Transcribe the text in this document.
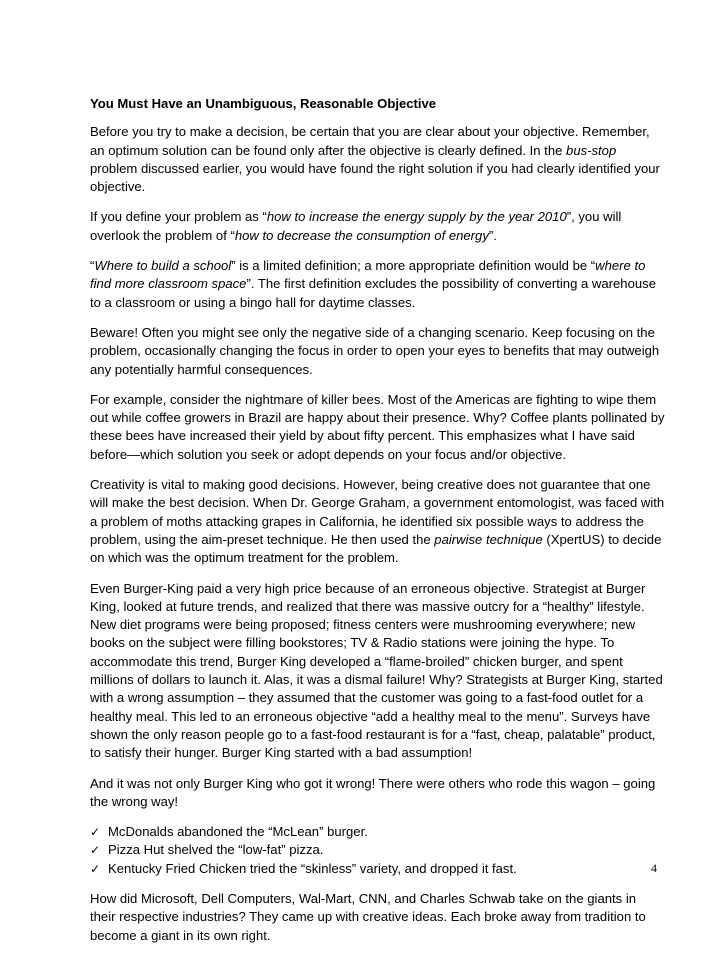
You Must Have an Unambiguous, Reasonable Objective

Before you try to make a decision, be certain that you are clear about your objective. Remember, an optimum solution can be found only after the objective is clearly defined. In the bus-stop problem discussed earlier, you would have found the right solution if you had clearly identified your objective.

If you define your problem as “how to increase the energy supply by the year 2010”, you will overlook the problem of “how to decrease the consumption of energy”.

“Where to build a school” is a limited definition; a more appropriate definition would be “where to find more classroom space”. The first definition excludes the possibility of converting a warehouse to a classroom or using a bingo hall for daytime classes.

Beware! Often you might see only the negative side of a changing scenario. Keep focusing on the problem, occasionally changing the focus in order to open your eyes to benefits that may outweigh any potentially harmful consequences.

For example, consider the nightmare of killer bees. Most of the Americas are fighting to wipe them out while coffee growers in Brazil are happy about their presence. Why? Coffee plants pollinated by these bees have increased their yield by about fifty percent. This emphasizes what I have said before—which solution you seek or adopt depends on your focus and/or objective.

Creativity is vital to making good decisions. However, being creative does not guarantee that one will make the best decision. When Dr. George Graham, a government entomologist, was faced with a problem of moths attacking grapes in California, he identified six possible ways to address the problem, using the aim-preset technique. He then used the pairwise technique (XpertUS) to decide on which was the optimum treatment for the problem.

Even Burger-King paid a very high price because of an erroneous objective. Strategist at Burger King, looked at future trends, and realized that there was massive outcry for a “healthy” lifestyle. New diet programs were being proposed; fitness centers were mushrooming everywhere; new books on the subject were filling bookstores; TV & Radio stations were joining the hype. To accommodate this trend, Burger King developed a “flame-broiled” chicken burger, and spent millions of dollars to launch it. Alas, it was a dismal failure! Why? Strategists at Burger King, started with a wrong assumption – they assumed that the customer was going to a fast-food outlet for a healthy meal. This led to an erroneous objective “add a healthy meal to the menu”. Surveys have shown the only reason people go to a fast-food restaurant is for a “fast, cheap, palatable” product, to satisfy their hunger. Burger King started with a bad assumption!

And it was not only Burger King who got it wrong! There were others who rode this wagon – going the wrong way!

✓ McDonalds abandoned the “McLean” burger.
✓ Pizza Hut shelved the “low-fat” pizza.
✓ Kentucky Fried Chicken tried the “skinless” variety, and dropped it fast.

How did Microsoft, Dell Computers, Wal-Mart, CNN, and Charles Schwab take on the giants in their respective industries? They came up with creative ideas. Each broke away from tradition to become a giant in its own right.

4
